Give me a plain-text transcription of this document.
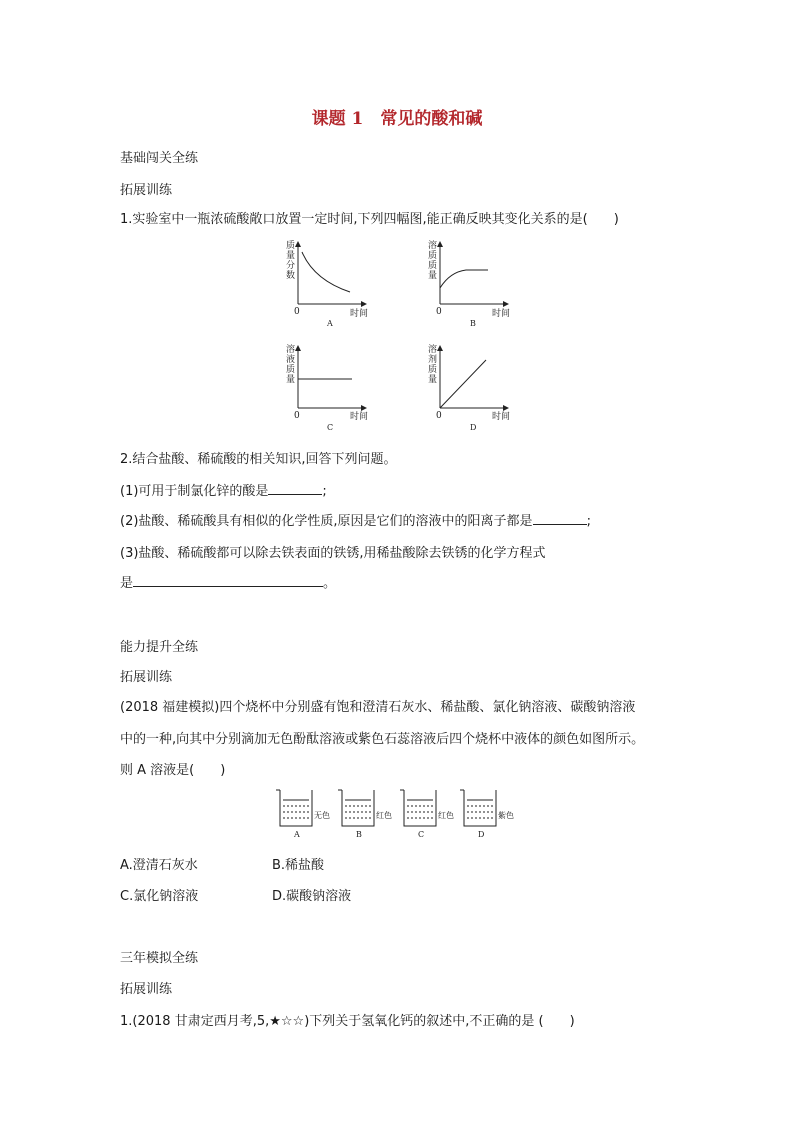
课题 1　常见的酸和碱
基础闯关全练
拓展训练
1.实验室中一瓶浓硫酸敞口放置一定时间,下列四幅图,能正确反映其变化关系的是(　　)
质
量
分
数
0	时间
A
溶
质
质
量
0	时间
B
溶
液
质
量
0	时间
C
溶
剂
质
量
0	时间
D
2.结合盐酸、稀硫酸的相关知识,回答下列问题。
(1)可用于制氯化锌的酸是	;
(2)盐酸、稀硫酸具有相似的化学性质,原因是它们的溶液中的阳离子都是	;
(3)盐酸、稀硫酸都可以除去铁表面的铁锈,用稀盐酸除去铁锈的化学方程式
是	。
能力提升全练
拓展训练
(2018 福建模拟)四个烧杯中分别盛有饱和澄清石灰水、稀盐酸、氯化钠溶液、碳酸钠溶液
中的一种,向其中分别滴加无色酚酞溶液或紫色石蕊溶液后四个烧杯中液体的颜色如图所示。
则 A 溶液是(　　)
无色
A
红色
B
红色
C
紫色
D
A.澄清石灰水	B.稀盐酸
C.氯化钠溶液	D.碳酸钠溶液
三年模拟全练
拓展训练
1.(2018 甘肃定西月考,5,★☆☆)下列关于氢氧化钙的叙述中,不正确的是 (　　)
